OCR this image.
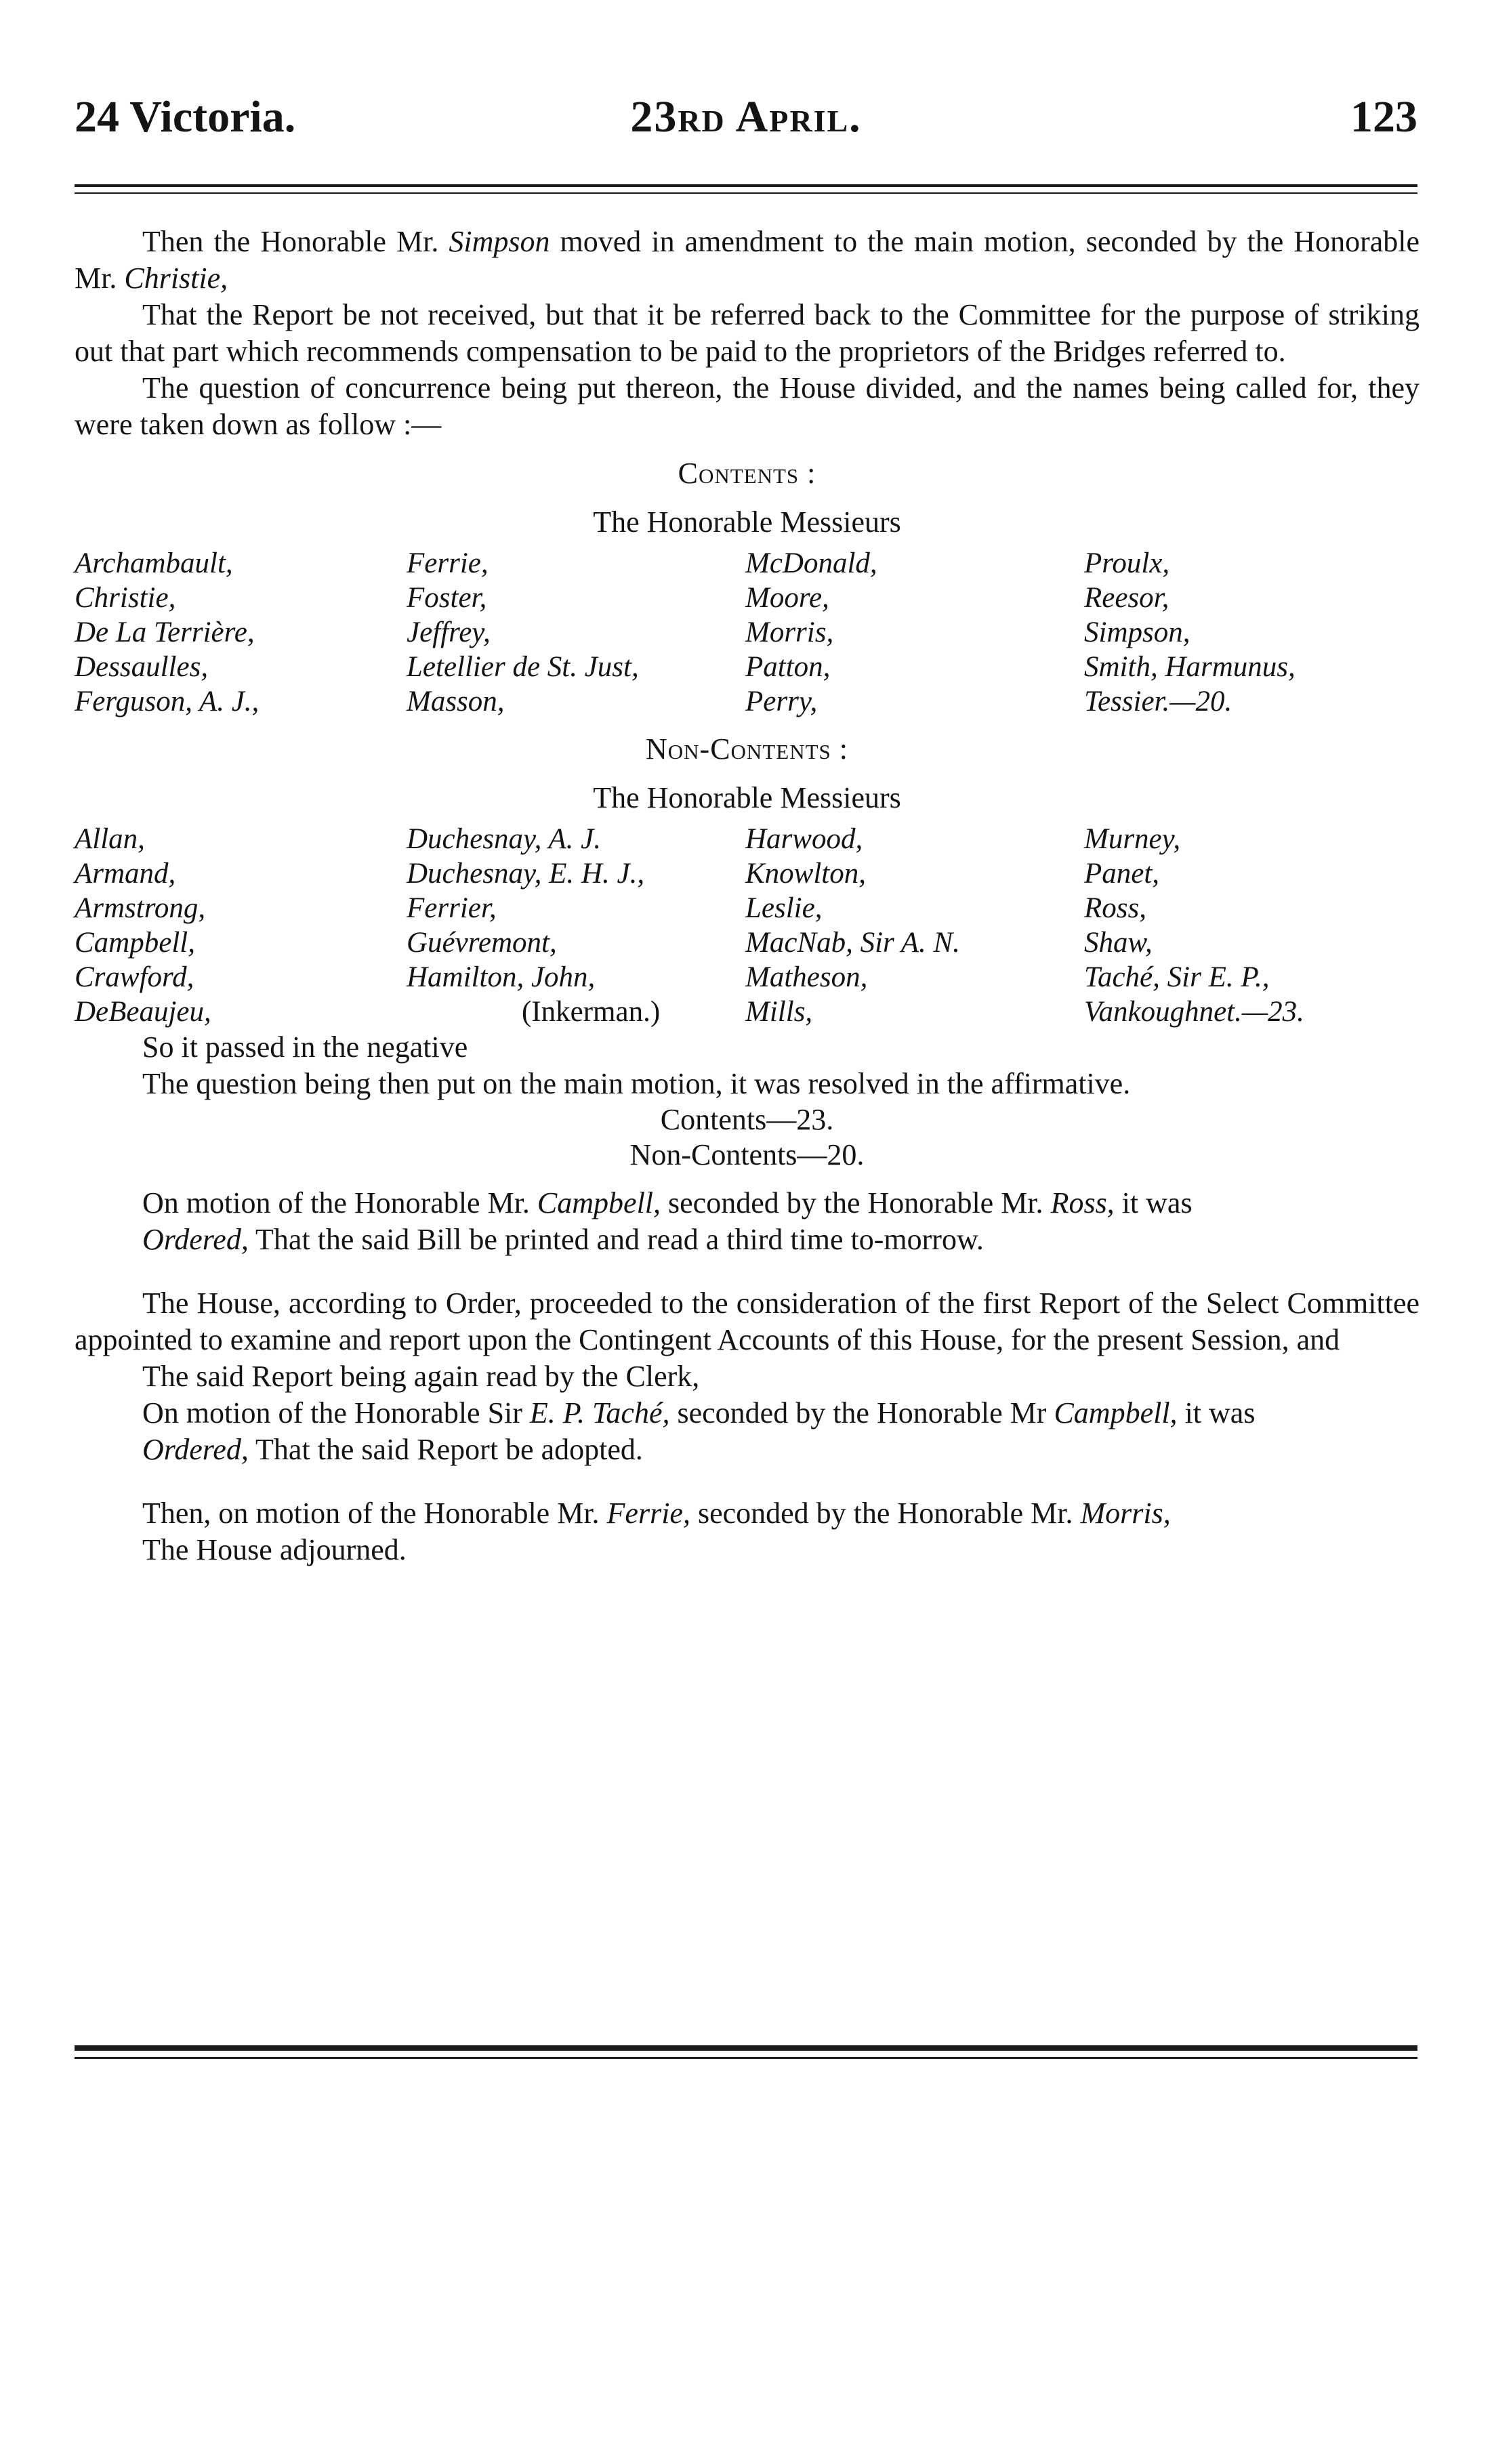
24 Victoria.	23rd April.	123

Then the Honorable Mr. Simpson moved in amendment to the main motion, seconded by the Honorable Mr. Christie,

That the Report be not received, but that it be referred back to the Committee for the purpose of striking out that part which recommends compensation to be paid to the proprietors of the Bridges referred to.

The question of concurrence being put thereon, the House divided, and the names being called for, they were taken down as follow :—

Contents :
The Honorable Messieurs
Archambault,
Christie,
De La Terrière,
Dessaulles,
Ferguson, A. J.,
Ferrie,
Foster,
Jeffrey,
Letellier de St. Just,
Masson,
McDonald,
Moore,
Morris,
Patton,
Perry,
Proulx,
Reesor,
Simpson,
Smith, Harmunus,
Tessier.—20.
Non-Contents :
The Honorable Messieurs
Allan,
Armand,
Armstrong,
Campbell,
Crawford,
DeBeaujeu,
Duchesnay, A. J.
Duchesnay, E. H. J.,
Ferrier,
Guévremont,
Hamilton, John,
(Inkerman.)
Harwood,
Knowlton,
Leslie,
MacNab, Sir A. N.
Matheson,
Mills,
Murney,
Panet,
Ross,
Shaw,
Taché, Sir E. P.,
Vankoughnet.—23.

So it passed in the negative

The question being then put on the main motion, it was resolved in the affirmative.

Contents—23.
Non-Contents—20.

On motion of the Honorable Mr. Campbell, seconded by the Honorable Mr. Ross, it was

Ordered, That the said Bill be printed and read a third time to-morrow.

The House, according to Order, proceeded to the consideration of the first Report of the Select Committee appointed to examine and report upon the Contingent Accounts of this House, for the present Session, and

The said Report being again read by the Clerk,

On motion of the Honorable Sir E. P. Taché, seconded by the Honorable Mr Campbell, it was

Ordered, That the said Report be adopted.

Then, on motion of the Honorable Mr. Ferrie, seconded by the Honorable Mr. Morris,

The House adjourned.
